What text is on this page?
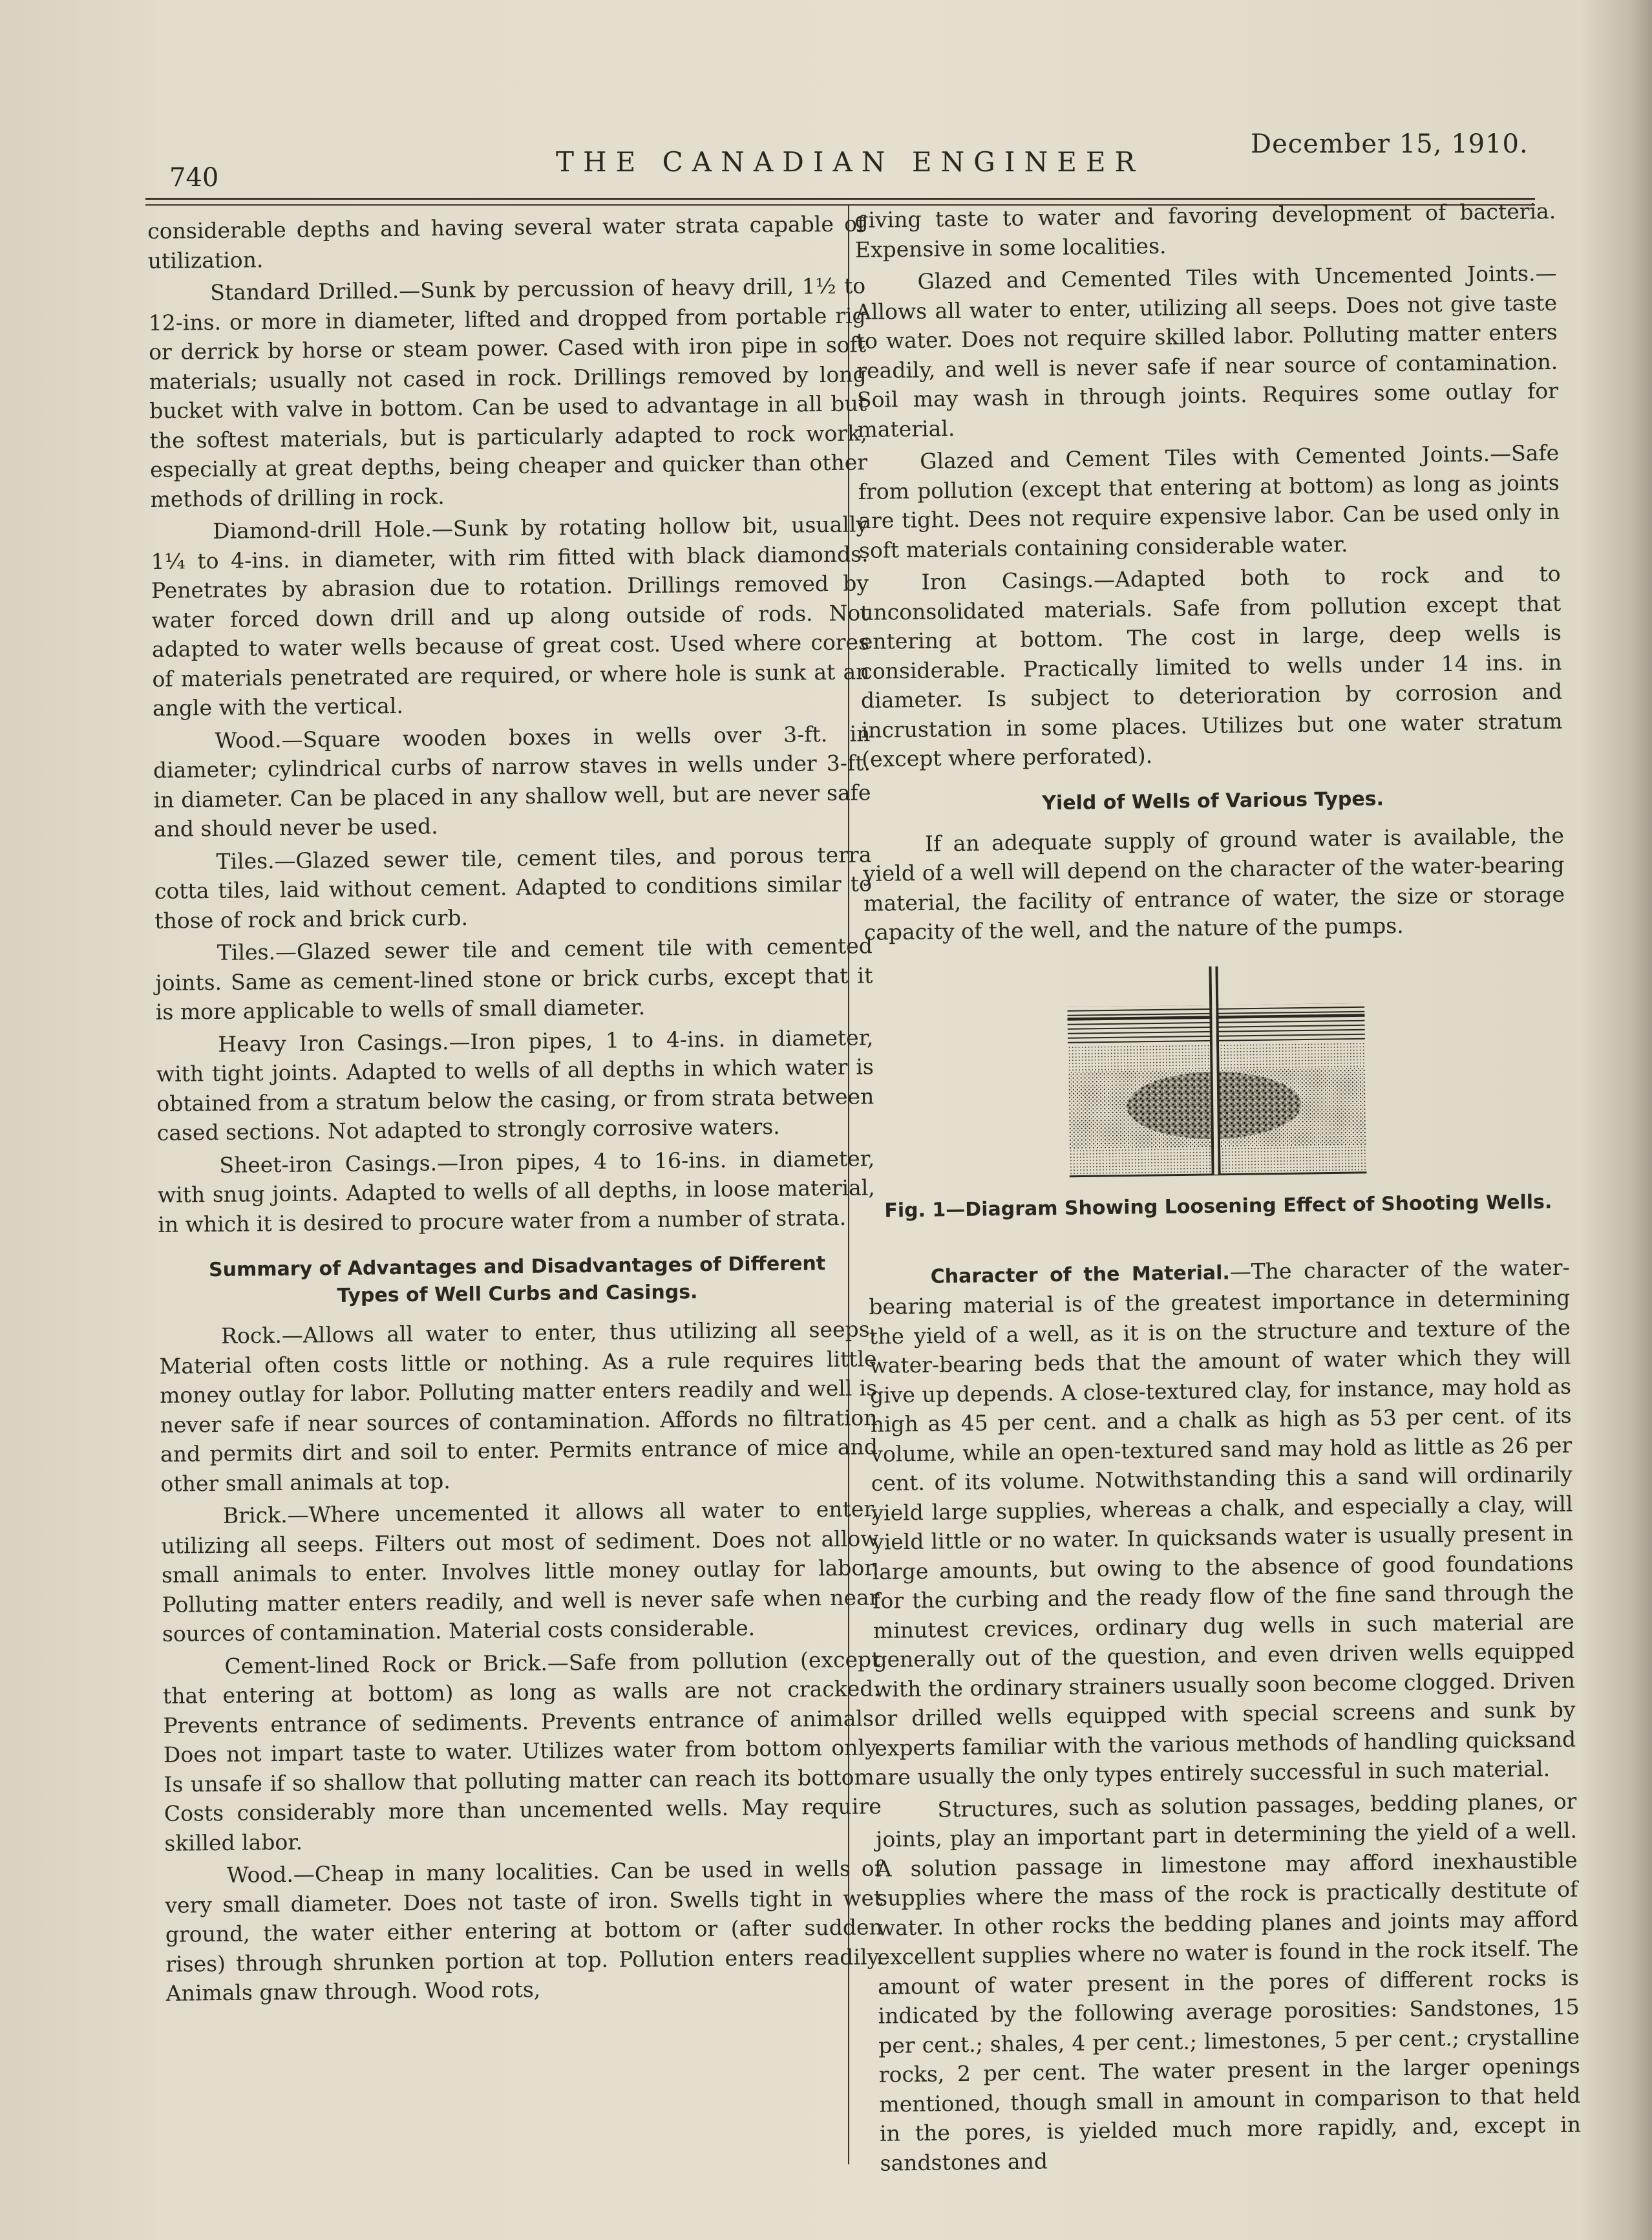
740	THE CANADIAN ENGINEER
December 15, 1910.

considerable depths and having several water strata capable of utilization.

Standard Drilled.—Sunk by percussion of heavy drill, 1½ to 12-ins. or more in diameter, lifted and dropped from portable rig or derrick by horse or steam power. Cased with iron pipe in soft materials; usually not cased in rock. Drillings removed by long bucket with valve in bottom. Can be used to advantage in all but the softest materials, but is particularly adapted to rock work, especially at great depths, being cheaper and quicker than other methods of drilling in rock.

Diamond-drill Hole.—Sunk by rotating hollow bit, usually 1¼ to 4-ins. in diameter, with rim fitted with black diamonds. Penetrates by abrasion due to rotation. Drillings removed by water forced down drill and up along outside of rods. Not adapted to water wells because of great cost. Used where cores of materials penetrated are required, or where hole is sunk at an angle with the vertical.

Wood.—Square wooden boxes in wells over 3-ft. in diameter; cylindrical curbs of narrow staves in wells under 3-ft. in diameter. Can be placed in any shallow well, but are never safe and should never be used.

Tiles.—Glazed sewer tile, cement tiles, and porous terra cotta tiles, laid without cement. Adapted to conditions similar to those of rock and brick curb.

Tiles.—Glazed sewer tile and cement tile with cemented joints. Same as cement-lined stone or brick curbs, except that it is more applicable to wells of small diameter.

Heavy Iron Casings.—Iron pipes, 1 to 4-ins. in diameter, with tight joints. Adapted to wells of all depths in which water is obtained from a stratum below the casing, or from strata between cased sections. Not adapted to strongly corrosive waters.

Sheet-iron Casings.—Iron pipes, 4 to 16-ins. in diameter, with snug joints. Adapted to wells of all depths, in loose material, in which it is desired to procure water from a number of strata.

Summary of Advantages and Disadvantages of Different Types of Well Curbs and Casings.

Rock.—Allows all water to enter, thus utilizing all seeps. Material often costs little or nothing. As a rule requires little money outlay for labor. Polluting matter enters readily and well is never safe if near sources of contamination. Affords no filtration and permits dirt and soil to enter. Permits entrance of mice and other small animals at top.

Brick.—Where uncemented it allows all water to enter, utilizing all seeps. Filters out most of sediment. Does not allow small animals to enter. Involves little money outlay for labor. Polluting matter enters readily, and well is never safe when near sources of contamination. Material costs considerable.

Cement-lined Rock or Brick.—Safe from pollution (except that entering at bottom) as long as walls are not cracked. Prevents entrance of sediments. Prevents entrance of animals. Does not impart taste to water. Utilizes water from bottom only. Is unsafe if so shallow that polluting matter can reach its bottom. Costs considerably more than uncemented wells. May require skilled labor.

Wood.—Cheap in many localities. Can be used in wells of very small diameter. Does not taste of iron. Swells tight in wet ground, the water either entering at bottom or (after sudden rises) through shrunken portion at top. Pollution enters readily. Animals gnaw through. Wood rots,

giving taste to water and favoring development of bacteria. Expensive in some localities.

Glazed and Cemented Tiles with Uncemented Joints.—Allows all water to enter, utilizing all seeps. Does not give taste to water. Does not require skilled labor. Polluting matter enters readily, and well is never safe if near source of contamination. Soil may wash in through joints. Requires some outlay for material.

Glazed and Cement Tiles with Cemented Joints.—Safe from pollution (except that entering at bottom) as long as joints are tight. Dees not require expensive labor. Can be used only in soft materials containing considerable water.

Iron Casings.—Adapted both to rock and to unconsolidated materials. Safe from pollution except that entering at bottom. The cost in large, deep wells is considerable. Practically limited to wells under 14 ins. in diameter. Is subject to deterioration by corrosion and incrustation in some places. Utilizes but one water stratum (except where perforated).

Yield of Wells of Various Types.

If an adequate supply of ground water is available, the yield of a well will depend on the character of the water-bearing material, the facility of entrance of water, the size or storage capacity of the well, and the nature of the pumps.

Fig. 1—Diagram Showing Loosening Effect of Shooting Wells.

Character of the Material.—The character of the water-bearing material is of the greatest importance in determining the yield of a well, as it is on the structure and texture of the water-bearing beds that the amount of water which they will give up depends. A close-textured clay, for instance, may hold as high as 45 per cent. and a chalk as high as 53 per cent. of its volume, while an open-textured sand may hold as little as 26 per cent. of its volume. Notwithstanding this a sand will ordinarily yield large supplies, whereas a chalk, and especially a clay, will yield little or no water. In quicksands water is usually present in large amounts, but owing to the absence of good foundations for the curbing and the ready flow of the fine sand through the minutest crevices, ordinary dug wells in such material are generally out of the question, and even driven wells equipped with the ordinary strainers usually soon become clogged. Driven or drilled wells equipped with special screens and sunk by experts familiar with the various methods of handling quicksand are usually the only types entirely successful in such material.

Structures, such as solution passages, bedding planes, or joints, play an important part in determining the yield of a well. A solution passage in limestone may afford inexhaustible supplies where the mass of the rock is practically destitute of water. In other rocks the bedding planes and joints may afford excellent supplies where no water is found in the rock itself. The amount of water present in the pores of different rocks is indicated by the following average porosities: Sandstones, 15 per cent.; shales, 4 per cent.; limestones, 5 per cent.; crystalline rocks, 2 per cent. The water present in the larger openings mentioned, though small in amount in comparison to that held in the pores, is yielded much more rapidly, and, except in sandstones and
